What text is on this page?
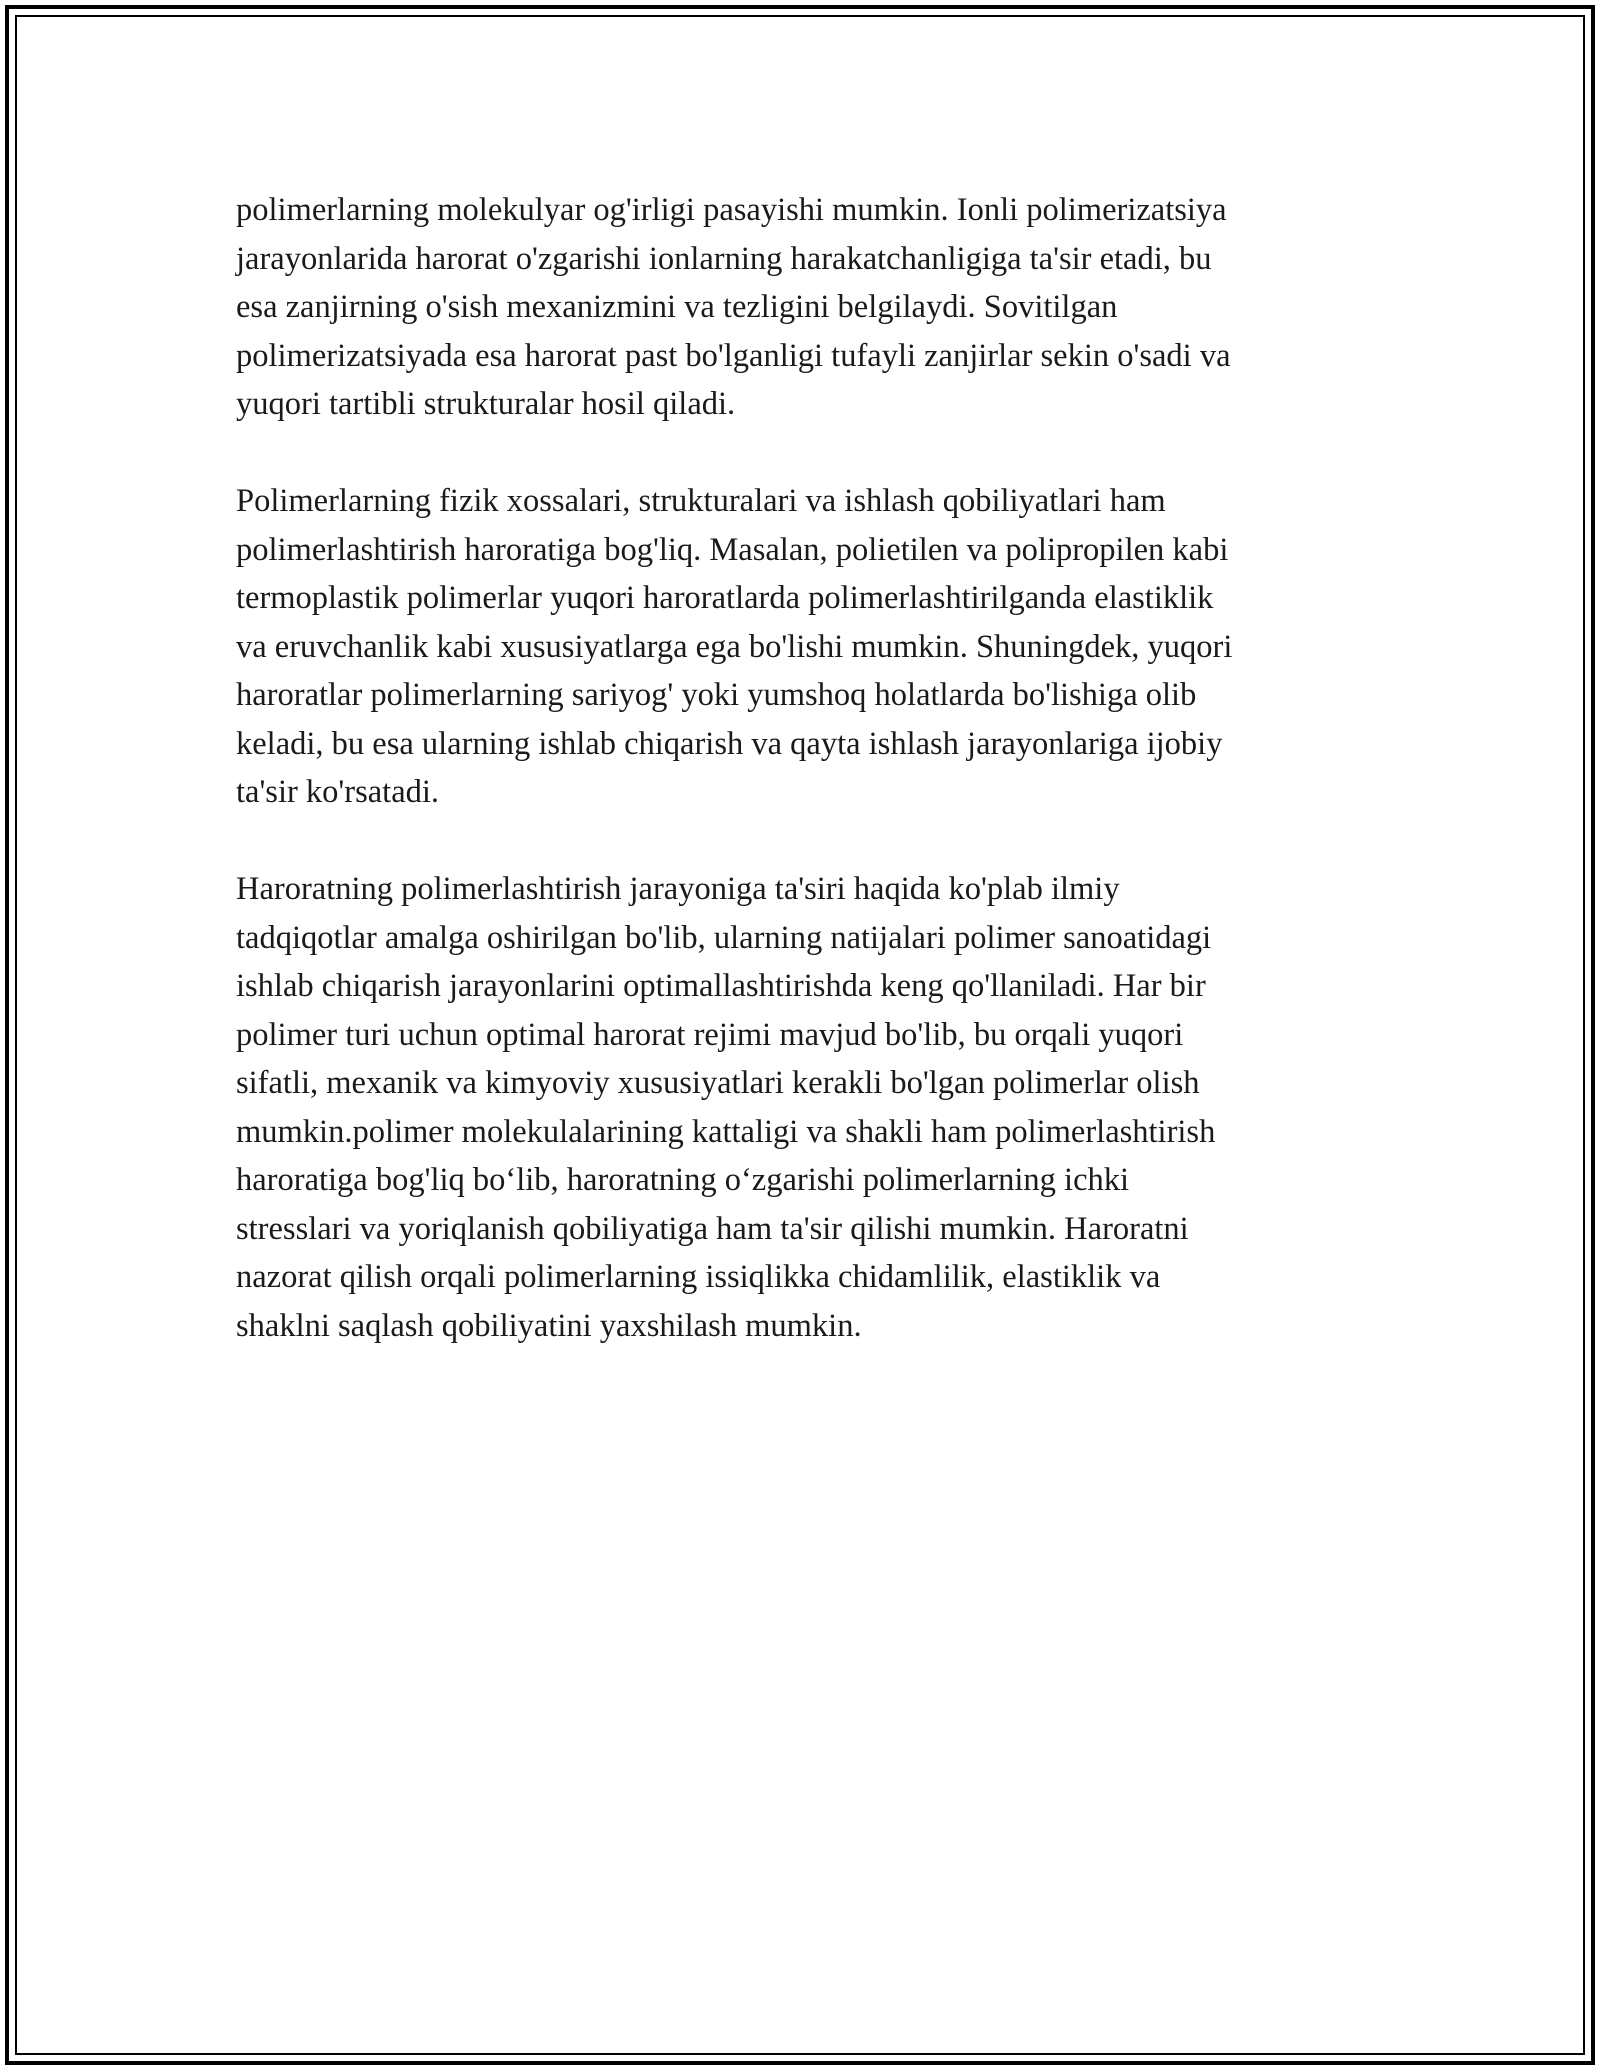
polimerlarning molekulyar og'irligi pasayishi mumkin. Ionli polimerizatsiya
jarayonlarida harorat o'zgarishi ionlarning harakatchanligiga ta'sir etadi, bu
esa zanjirning o'sish mexanizmini va tezligini belgilaydi. Sovitilgan
polimerizatsiyada esa harorat past bo'lganligi tufayli zanjirlar sekin o'sadi va
yuqori tartibli strukturalar hosil qiladi.

Polimerlarning fizik xossalari, strukturalari va ishlash qobiliyatlari ham
polimerlashtirish haroratiga bog'liq. Masalan, polietilen va polipropilen kabi
termoplastik polimerlar yuqori haroratlarda polimerlashtirilganda elastiklik
va eruvchanlik kabi xususiyatlarga ega bo'lishi mumkin. Shuningdek, yuqori
haroratlar polimerlarning sariyog' yoki yumshoq holatlarda bo'lishiga olib
keladi, bu esa ularning ishlab chiqarish va qayta ishlash jarayonlariga ijobiy
ta'sir ko'rsatadi.

Haroratning polimerlashtirish jarayoniga ta'siri haqida ko'plab ilmiy
tadqiqotlar amalga oshirilgan bo'lib, ularning natijalari polimer sanoatidagi
ishlab chiqarish jarayonlarini optimallashtirishda keng qo'llaniladi. Har bir
polimer turi uchun optimal harorat rejimi mavjud bo'lib, bu orqali yuqori
sifatli, mexanik va kimyoviy xususiyatlari kerakli bo'lgan polimerlar olish
mumkin.polimer molekulalarining kattaligi va shakli ham polimerlashtirish
haroratiga bog'liq bo‘lib, haroratning o‘zgarishi polimerlarning ichki
stresslari va yoriqlanish qobiliyatiga ham ta'sir qilishi mumkin. Haroratni
nazorat qilish orqali polimerlarning issiqlikka chidamlilik, elastiklik va
shaklni saqlash qobiliyatini yaxshilash mumkin.
